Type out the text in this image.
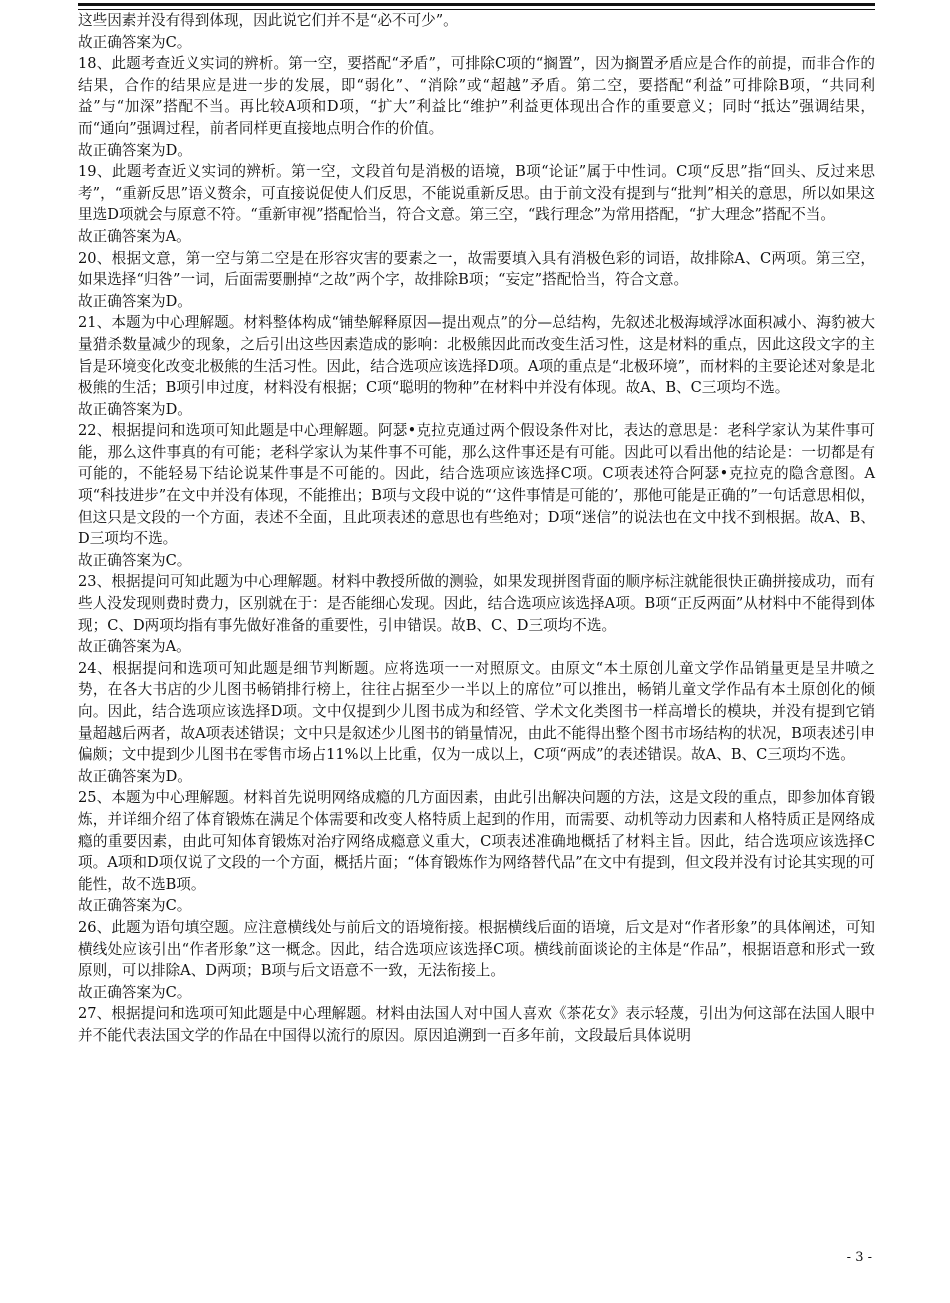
这些因素并没有得到体现，因此说它们并不是“必不可少”。

故正确答案为C。

18、此题考查近义实词的辨析。第一空，要搭配“矛盾”，可排除C项的“搁置”，因为搁置矛盾应是合作的前提，而非合作的结果，合作的结果应是进一步的发展，即“弱化”、“消除”或“超越”矛盾。第二空，要搭配“利益”可排除B项，“共同利益”与“加深”搭配不当。再比较A项和D项，“扩大”利益比“维护”利益更体现出合作的重要意义；同时“抵达”强调结果，而“通向”强调过程，前者同样更直接地点明合作的价值。

故正确答案为D。

19、此题考查近义实词的辨析。第一空，文段首句是消极的语境，B项“论证”属于中性词。C项“反思”指“回头、反过来思考”，“重新反思”语义赘余，可直接说促使人们反思，不能说重新反思。由于前文没有提到与“批判”相关的意思，所以如果这里选D项就会与原意不符。“重新审视”搭配恰当，符合文意。第三空，“践行理念”为常用搭配，“扩大理念”搭配不当。

故正确答案为A。

20、根据文意，第一空与第二空是在形容灾害的要素之一，故需要填入具有消极色彩的词语，故排除A、C两项。第三空，如果选择“归咎”一词，后面需要删掉“之故”两个字，故排除B项；“妄定”搭配恰当，符合文意。

故正确答案为D。

21、本题为中心理解题。材料整体构成“铺垫解释原因—提出观点”的分—总结构，先叙述北极海域浮冰面积减小、海豹被大量猎杀数量减少的现象，之后引出这些因素造成的影响：北极熊因此而改变生活习性，这是材料的重点，因此这段文字的主旨是环境变化改变北极熊的生活习性。因此，结合选项应该选择D项。A项的重点是“北极环境”，而材料的主要论述对象是北极熊的生活；B项引申过度，材料没有根据；C项“聪明的物种”在材料中并没有体现。故A、B、C三项均不选。

故正确答案为D。

22、根据提问和选项可知此题是中心理解题。阿瑟•克拉克通过两个假设条件对比，表达的意思是：老科学家认为某件事可能，那么这件事真的有可能；老科学家认为某件事不可能，那么这件事还是有可能。因此可以看出他的结论是：一切都是有可能的，不能轻易下结论说某件事是不可能的。因此，结合选项应该选择C项。C项表述符合阿瑟•克拉克的隐含意图。A项“科技进步”在文中并没有体现，不能推出；B项与文段中说的“‘这件事情是可能的’，那他可能是正确的”一句话意思相似，但这只是文段的一个方面，表述不全面，且此项表述的意思也有些绝对；D项“迷信”的说法也在文中找不到根据。故A、B、D三项均不选。

故正确答案为C。

23、根据提问可知此题为中心理解题。材料中教授所做的测验，如果发现拼图背面的顺序标注就能很快正确拼接成功，而有些人没发现则费时费力，区别就在于：是否能细心发现。因此，结合选项应该选择A项。B项“正反两面”从材料中不能得到体现；C、D两项均指有事先做好准备的重要性，引申错误。故B、C、D三项均不选。

故正确答案为A。

24、根据提问和选项可知此题是细节判断题。应将选项一一对照原文。由原文“本土原创儿童文学作品销量更是呈井喷之势，在各大书店的少儿图书畅销排行榜上，往往占据至少一半以上的席位”可以推出，畅销儿童文学作品有本土原创化的倾向。因此，结合选项应该选择D项。文中仅提到少儿图书成为和经管、学术文化类图书一样高增长的模块，并没有提到它销量超越后两者，故A项表述错误；文中只是叙述少儿图书的销量情况，由此不能得出整个图书市场结构的状况，B项表述引申偏颇；文中提到少儿图书在零售市场占11%以上比重，仅为一成以上，C项“两成”的表述错误。故A、B、C三项均不选。

故正确答案为D。

25、本题为中心理解题。材料首先说明网络成瘾的几方面因素，由此引出解决问题的方法，这是文段的重点，即参加体育锻炼，并详细介绍了体育锻炼在满足个体需要和改变人格特质上起到的作用，而需要、动机等动力因素和人格特质正是网络成瘾的重要因素，由此可知体育锻炼对治疗网络成瘾意义重大，C项表述准确地概括了材料主旨。因此，结合选项应该选择C项。A项和D项仅说了文段的一个方面，概括片面；“体育锻炼作为网络替代品”在文中有提到，但文段并没有讨论其实现的可能性，故不选B项。

故正确答案为C。

26、此题为语句填空题。应注意横线处与前后文的语境衔接。根据横线后面的语境，后文是对“作者形象”的具体阐述，可知横线处应该引出“作者形象”这一概念。因此，结合选项应该选择C项。横线前面谈论的主体是“作品”，根据语意和形式一致原则，可以排除A、D两项；B项与后文语意不一致，无法衔接上。

故正确答案为C。

27、根据提问和选项可知此题是中心理解题。材料由法国人对中国人喜欢《茶花女》表示轻蔑，引出为何这部在法国人眼中并不能代表法国文学的作品在中国得以流行的原因。原因追溯到一百多年前，文段最后具体说明

- 3 -
